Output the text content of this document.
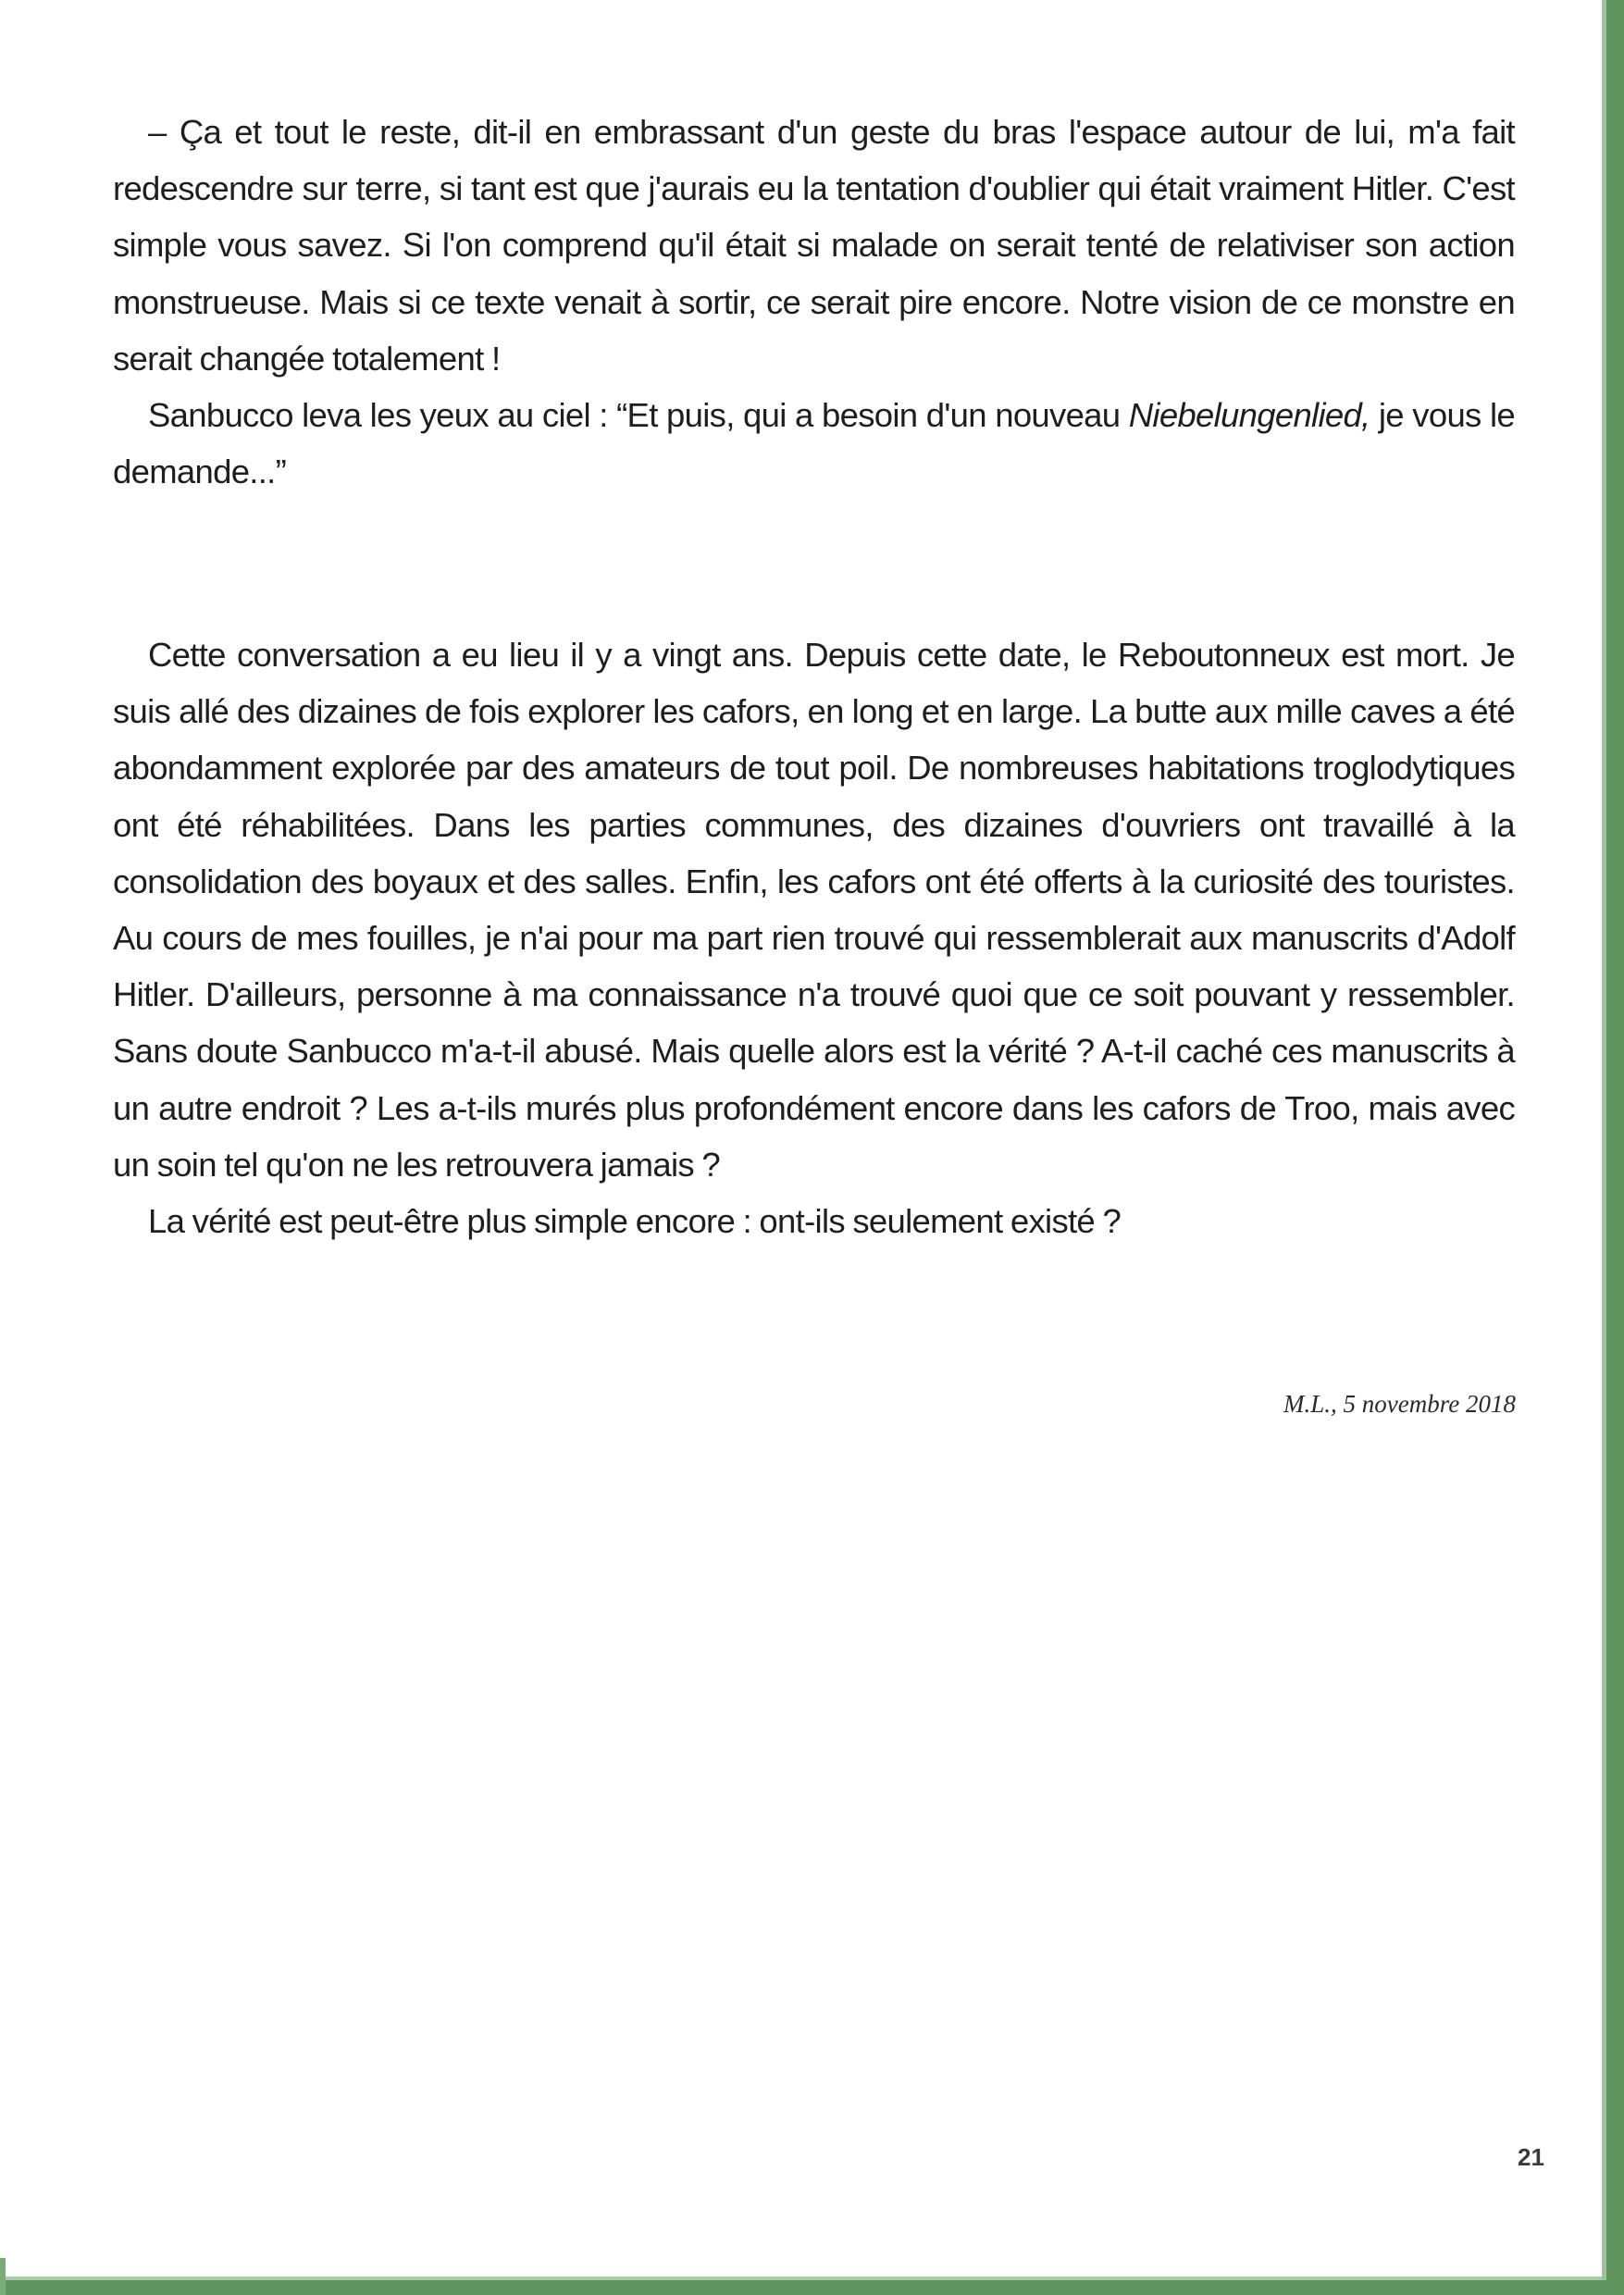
– Ça et tout le reste, dit-il en embrassant d'un geste du bras l'espace autour de lui, m'a fait redescendre sur terre, si tant est que j'aurais eu la tentation d'oublier qui était vraiment Hitler. C'est simple vous savez. Si l'on comprend qu'il était si malade on serait tenté de relativiser son action monstrueuse. Mais si ce texte venait à sortir, ce serait pire encore. Notre vision de ce monstre en serait changée totalement !

Sanbucco leva les yeux au ciel : “Et puis, qui a besoin d'un nouveau Niebelungenlied, je vous le demande...”

Cette conversation a eu lieu il y a vingt ans. Depuis cette date, le Reboutonneux est mort. Je suis allé des dizaines de fois explorer les cafors, en long et en large. La butte aux mille caves a été abondamment explorée par des amateurs de tout poil. De nombreuses habitations troglodytiques ont été réhabilitées. Dans les parties communes, des dizaines d'ouvriers ont travaillé à la consolidation des boyaux et des salles. Enfin, les cafors ont été offerts à la curiosité des touristes. Au cours de mes fouilles, je n'ai pour ma part rien trouvé qui ressemblerait aux manuscrits d'Adolf Hitler. D'ailleurs, personne à ma connaissance n'a trouvé quoi que ce soit pouvant y ressembler. Sans doute Sanbucco m'a-t-il abusé. Mais quelle alors est la vérité ? A-t-il caché ces manuscrits à un autre endroit ? Les a-t-ils murés plus profondément encore dans les cafors de Troo, mais avec un soin tel qu'on ne les retrouvera jamais ?

La vérité est peut-être plus simple encore : ont-ils seulement existé ?

M.L., 5 novembre 2018
21
